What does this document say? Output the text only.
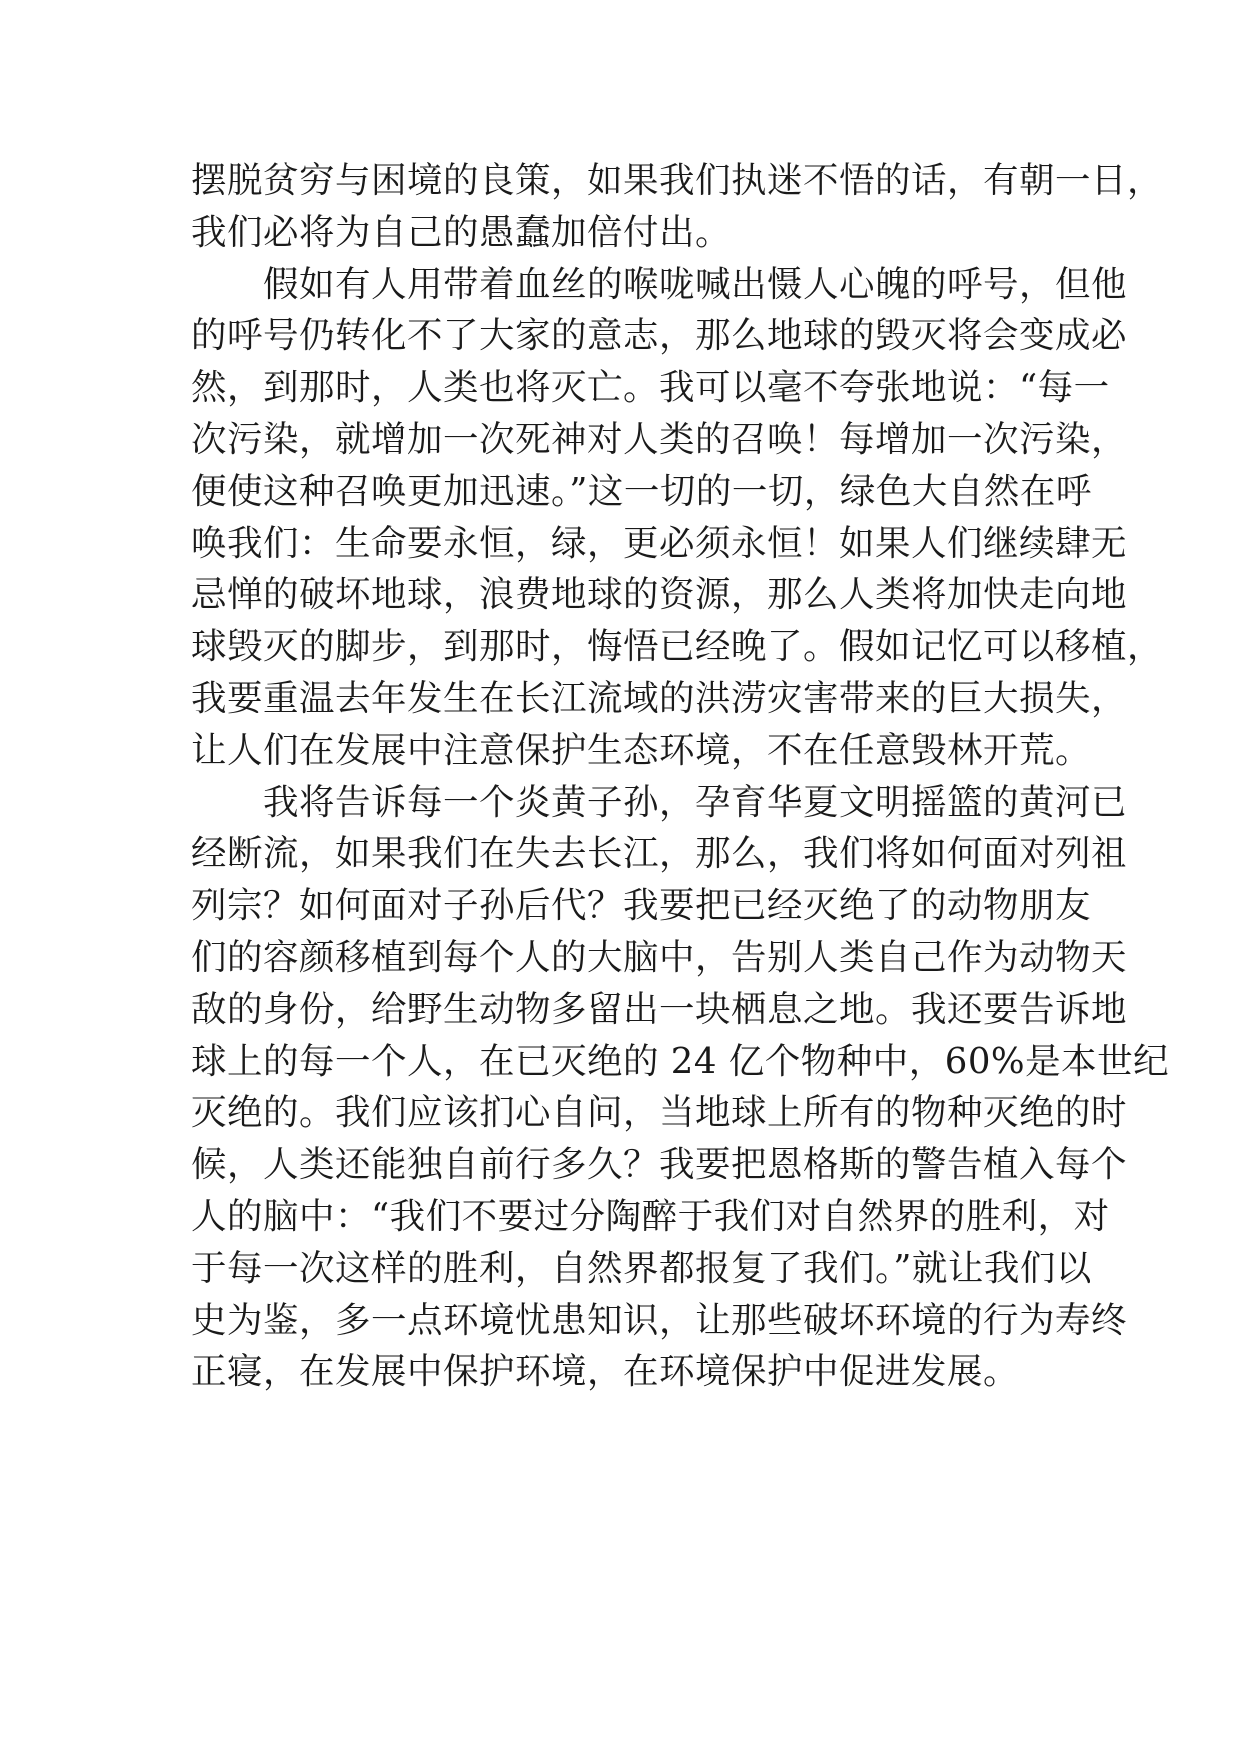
摆脱贫穷与困境的良策，如果我们执迷不悟的话，有朝一日，
我们必将为自己的愚蠢加倍付出。
假如有人用带着血丝的喉咙喊出慑人心魄的呼号，但他
的呼号仍转化不了大家的意志，那么地球的毁灭将会变成必
然，到那时，人类也将灭亡。我可以毫不夸张地说：“每一
次污染，就增加一次死神对人类的召唤！每增加一次污染，
便使这种召唤更加迅速。”这一切的一切，绿色大自然在呼
唤我们：生命要永恒，绿，更必须永恒！如果人们继续肆无
忌惮的破坏地球，浪费地球的资源，那么人类将加快走向地
球毁灭的脚步，到那时，悔悟已经晚了。假如记忆可以移植，
我要重温去年发生在长江流域的洪涝灾害带来的巨大损失，
让人们在发展中注意保护生态环境，不在任意毁林开荒。
我将告诉每一个炎黄子孙，孕育华夏文明摇篮的黄河已
经断流，如果我们在失去长江，那么，我们将如何面对列祖
列宗？如何面对子孙后代？我要把已经灭绝了的动物朋友
们的容颜移植到每个人的大脑中，告别人类自己作为动物天
敌的身份，给野生动物多留出一块栖息之地。我还要告诉地
球上的每一个人，在已灭绝的 24 亿个物种中，60%是本世纪
灭绝的。我们应该扪心自问，当地球上所有的物种灭绝的时
候，人类还能独自前行多久？我要把恩格斯的警告植入每个
人的脑中：“我们不要过分陶醉于我们对自然界的胜利，对
于每一次这样的胜利，自然界都报复了我们。”就让我们以
史为鉴，多一点环境忧患知识，让那些破坏环境的行为寿终
正寝，在发展中保护环境，在环境保护中促进发展。
